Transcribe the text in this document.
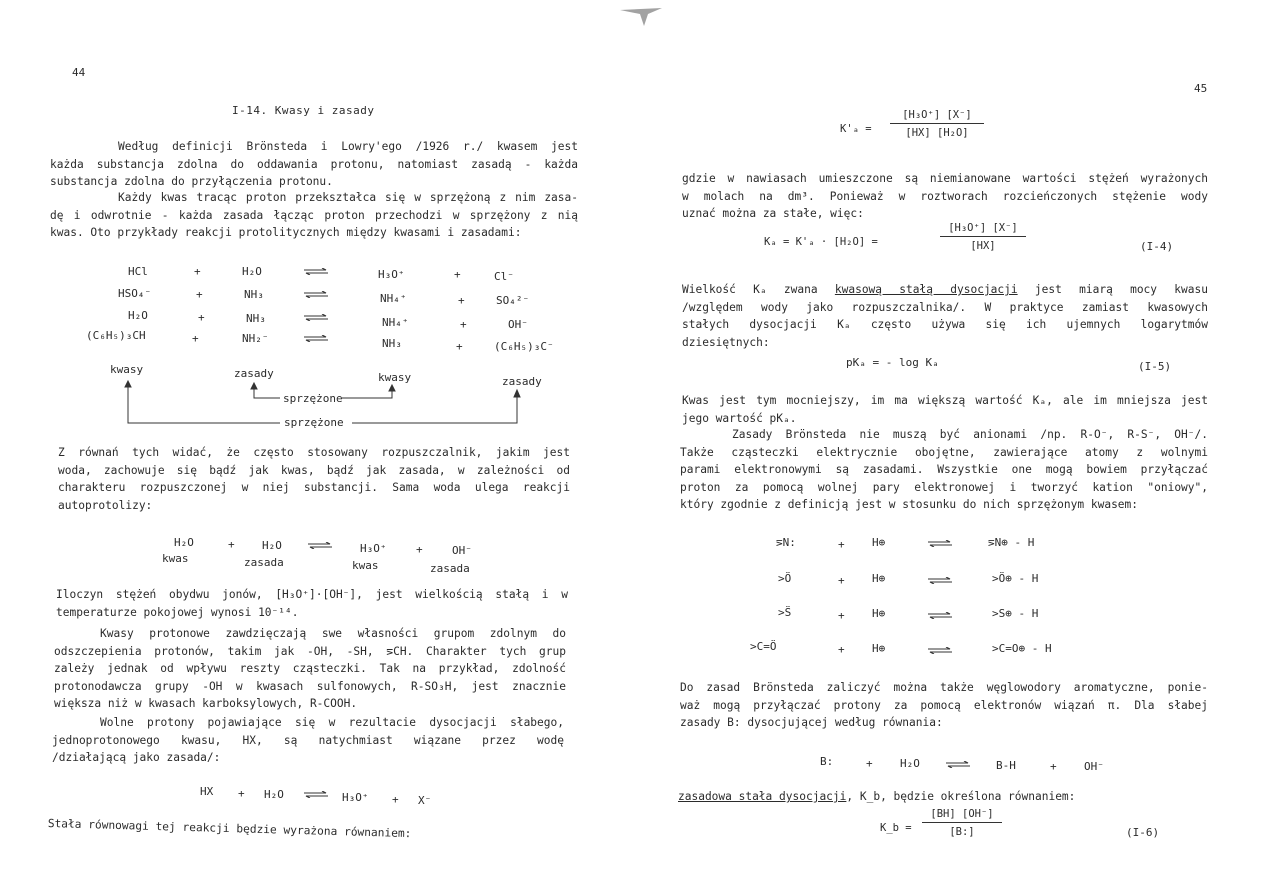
44
I-14. Kwasy i zasady
Według definicji Brönsteda i Lowry'ego /1926 r./ kwasem jest
każda substancja zdolna do oddawania protonu, natomiast zasadą - każda
substancja zdolna do przyłączenia protonu.
Każdy kwas tracąc proton przekształca się w sprzężoną z nim zasa-
dę i odwrotnie - każda zasada łącząc proton przechodzi w sprzężony z nią
kwas. Oto przykłady reakcji protolitycznych między kwasami i zasadami:
HCl	+	H₂O	H₃O⁺	+	Cl⁻
HSO₄⁻	+	NH₃	NH₄⁺	+	SO₄²⁻
H₂O	+	NH₃	NH₄⁺	+	OH⁻
(C₆H₅)₃CH	+	NH₂⁻	NH₃	+	(C₆H₅)₃C⁻
kwasy	zasady	kwasy	zasady
sprzężone
sprzężone
Z równań tych widać, że często stosowany rozpuszczalnik, jakim jest
woda, zachowuje się bądź jak kwas, bądź jak zasada, w zależności od
charakteru rozpuszczonej w niej substancji. Sama woda ulega reakcji
autoprotolizy:
H₂O	+ H₂O	H₃O⁺	+	OH⁻
kwas	zasada	kwas	zasada
Iloczyn stężeń obydwu jonów, [H₃O⁺]·[OH⁻], jest wielkością stałą i w
temperaturze pokojowej wynosi 10⁻¹⁴.
Kwasy protonowe zawdzięczają swe własności grupom zdolnym do
odszczepienia protonów, takim jak -OH, -SH, ⋝CH. Charakter tych grup
zależy jednak od wpływu reszty cząsteczki. Tak na przykład, zdolność
protonodawcza grupy -OH w kwasach sulfonowych, R-SO₃H, jest znacznie
większa niż w kwasach karboksylowych, R-COOH.
Wolne protony pojawiające się w rezultacie dysocjacji słabego,
jednoprotonowego kwasu, HX, są natychmiast wiązane przez wodę
/działającą jako zasada/:
HX + H₂O ⇌ H₃O⁺ + X⁻
Stała równowagi tej reakcji będzie wyrażona równaniem:
45
$K'_a = \frac{\text{[H₃O⁺] [X⁻]}}{\text{[HX] [H₂O]}}$
gdzie w nawiasach umieszczone są niemianowane wartości stężeń wyrażonych
w molach na dm³. Ponieważ w roztworach rozcieńczonych stężenie wody
uznać można za stałe, więc:
Kₐ = K'ₐ · [H₂O] =	$\frac{\text{[H₃O⁺] [X⁻]}}{[HX]}$	(I-4)
Wielkość Kₐ zwana kwasową stałą dysocjacji jest miarą mocy kwasu
/względem wody jako rozpuszczalnika/. W praktyce zamiast kwasowych
stałych dysocjacji Kₐ często używa się ich ujemnych logarytmów
dziesiętnych:
pKₐ = - log Kₐ	(I-5)
Kwas jest tym mocniejszy, im ma większą wartość Kₐ, ale im mniejsza jest
jego wartość pKₐ.
Zasady Brönsteda nie muszą być anionami /np. R-O⁻, R-S⁻, OH⁻/.
Także cząsteczki elektrycznie obojętne, zawierające atomy z wolnymi
parami elektronowymi są zasadami. Wszystkie one mogą bowiem przyłączać
proton za pomocą wolnej pary elektronowej i tworzyć kation "oniowy",
który zgodnie z definicją jest w stosunku do nich sprzężonym kwasem:
⋝N:	+ H⊕	⋝N⊕ - H
>Ö	+ H⊕	>Ö⊕ - H
>S̈	+ H⊕	>S⊕ - H
>C=Ö	+ H⊕	>C=O⊕ - H
Do zasad Brönsteda zaliczyć można także węglowodory aromatyczne, ponie-
waż mogą przyłączać protony za pomocą elektronów wiązań π. Dla słabej
zasady B: dysocjującej według równania:
B:	+ H₂O	B-H	+ OH⁻
zasadowa stała dysocjacji, K_b, będzie określona równaniem:
K_b = $\frac{[BH] [OH^-]}{[B:]}$	(I-6)
